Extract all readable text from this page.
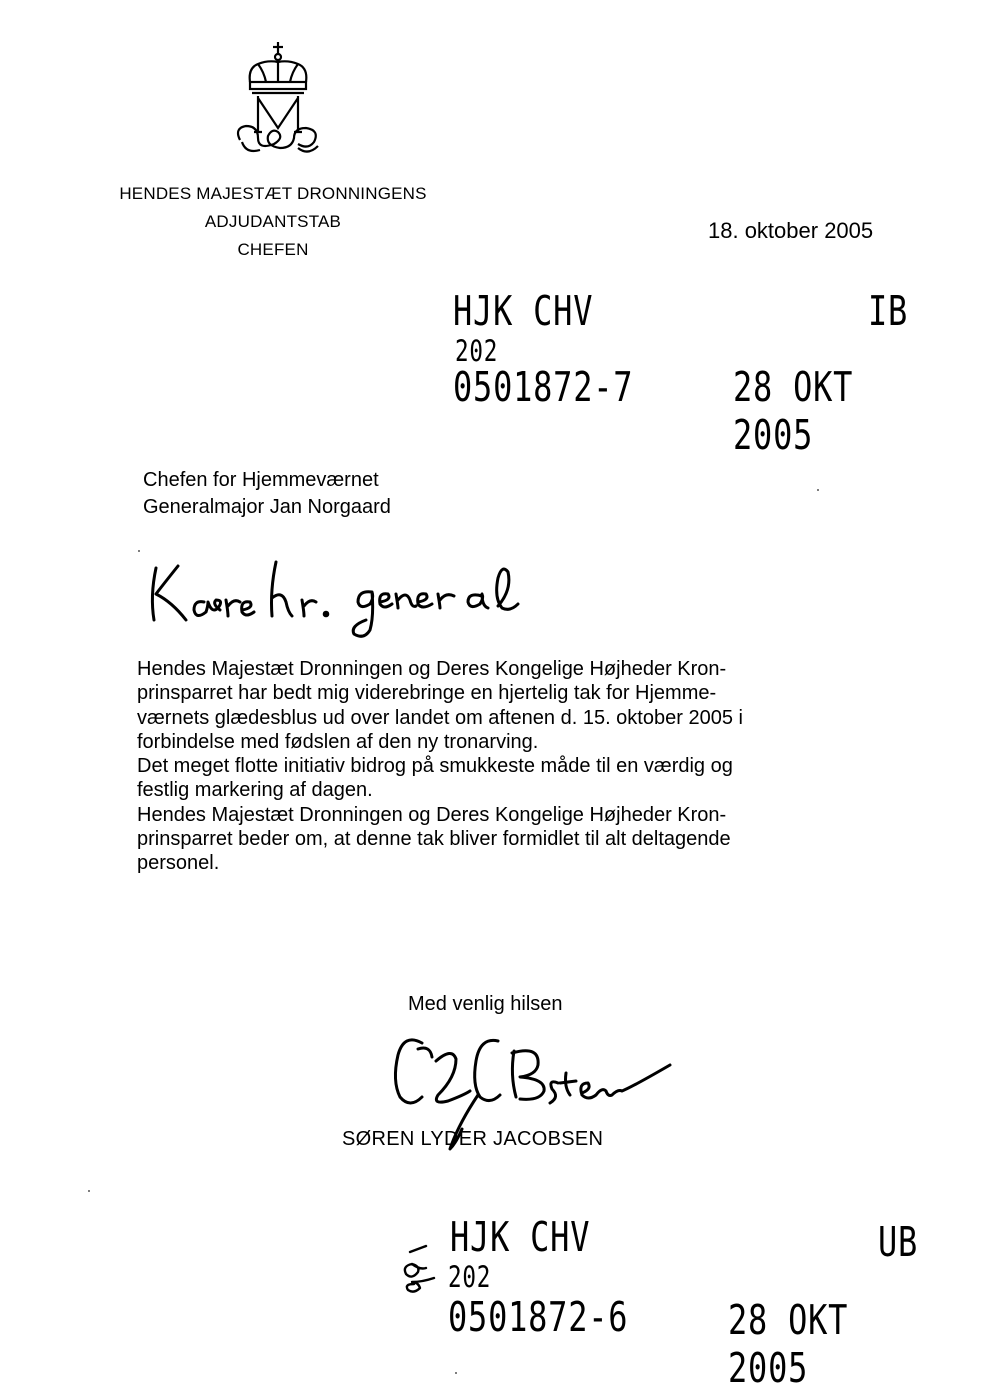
HENDES MAJESTÆT DRONNINGENS
ADJUDANTSTAB
CHEFEN
18. oktober 2005
HJK CHV
202
0501872-7
IB
28 OKT 2005
Chefen for Hjemmeværnet
Generalmajor Jan Norgaard

Hendes Majestæt Dronningen og Deres Kongelige Højheder Kron-

prinsparret har bedt mig viderebringe en hjertelig tak for Hjemme-

værnets glædesblus ud over landet om aftenen d. 15. oktober 2005 i

forbindelse med fødslen af den ny tronarving.

Det meget flotte initiativ bidrog på smukkeste måde til en værdig og

festlig markering af dagen.

Hendes Majestæt Dronningen og Deres Kongelige Højheder Kron-

prinsparret beder om, at denne tak bliver formidlet til alt deltagende

personel.

Med venlig hilsen
SØREN LYDER JACOBSEN
HJK CHV
202
0501872-6
UB
28 OKT 2005
